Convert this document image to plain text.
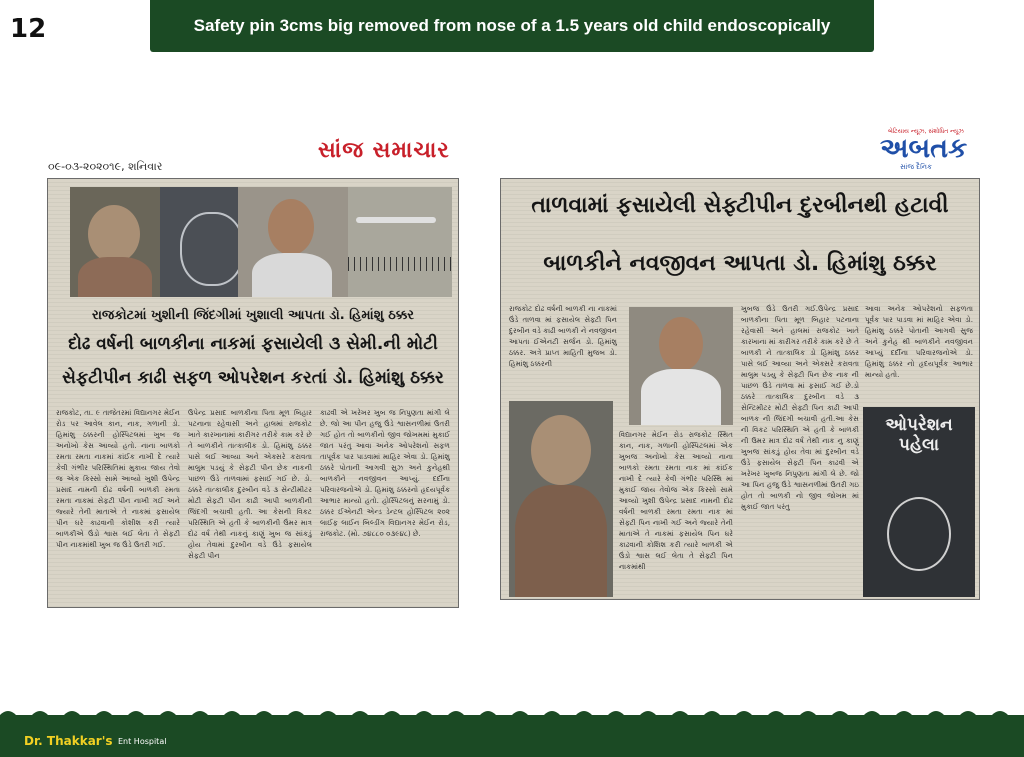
12	Safety pin 3cms big removed from nose of a 1.5 years old child endoscopically
૦૯-૦૩-૨૦૨૦૧૯, શનિવાર
સાંજ સમાચાર
રાજકોટમાં ખુશીની જિંદગીમાં ખુશાલી આપતા ડો. હિમાંશુ ઠક્કર
દોઢ વર્ષની બાળકીના નાકમાં ફસાયેલી ૩ સેમી.ની મોટી
સેફટીપીન કાઢી સફળ ઓપરેશન કરતાં ડો. હિમાંશુ ઠક્કર
રાજકોટ, તા. ૯ તાજેતરમાં વિદ્યાનગર મેઈન રોડ પર આવેલ કાન, નાક, ગળાની ડો. હિમાંશુ ઠક્કરની હોસ્પિટલમાં ખુબ જ અનોખો કેસ આવ્યો હતો. નાના બાળકો રમતા રમતા નાકમાં કાંઈક નાખી દે ત્યારે કેવી ગંભીર પરિસ્થિતિમાં મુકાય જાય તેવો જ એક કિસ્સો સામે આવ્યો ખુશી ઉપેન્દ્ર પ્રસાદ નામની દોઢ વર્ષની બાળકી રમતા રમતા નાકમાં સેફટી પીન નાખી ગઈ અને જ્યારે તેની માતાએ તે નાકમાં ફસાયેલ પીન ઘરે કાઢવાની કોશીશ કરી ત્યારે બાળકીએ ઉંડો શ્વાસ લઈ લેતા તે સેફટી પીન નાકમાંથી ખુબ જ ઉંડે ઉતરી ગઈ.
ઉપેન્દ્ર પ્રસાદ બાળકીના પિતા મૂળ બિહાર પટનાના રહેવાસી અને હાલમાં રાજકોટ ખાતે કારખાનામાં કારીગર તરીકે કામ કરે છે તે બાળકીને તાત્કાલીક ડો. હિમાંશુ ઠક્કર પાસે લઈ આવ્યા અને એક્સરે કરાવતા માલુમ પડયું કે સેફટી પીન છેક નાકની પાછળ ઉંડે તાળવામાં ફસાઈ ગઈ છે. ડો. ઠક્કરે તાત્કાલીક દુરબીન વડે ૩ સેન્ટીમીટર મોટી સેફટી પીન કાઢી આપી બાળકીની જિંદગી બચાવી હતી. આ કેસની વિકટ પરિસ્થિતિ એ હતી કે બાળકીની ઉંમર માત્ર દોઢ વર્ષ તેથી નાકનું કાણું ખુબ જ સાંકડું હોય તેવામાં દુરબીન વડે ઉંડે ફસાયેલ સેફટી પીન
કાઢવી એ ખરેખર ખુબ જ નિપુણતા માંગી લે છે. જો આ પીન હજુ ઉંડે શ્વાસનળીમાં ઉતરી ગઈ હોત તો બાળકીનો જીવ જોખમમાં મુકાઈ જાત પરંતુ આવા અનેક ઓપરેશનો સફળ તાપૂર્વક પાર પાડવામાં માહિર એવા ડો. હિમાંશુ ઠક્કરે પોતાની આગવી સુઝ અને કુનેહથી બાળકીને નવજીવન આપ્યું. દર્દીના પરિવારજનોએ ડો. હિમાંશુ ઠક્કરનો હૃદયપૂર્વક આભાર માન્યો હતો. હોસ્પિટલનું સરનામું ડો. ઠક્કર ઈએનટી એન્ડ ડેન્ટલ હોસ્પિટલ ૨૦૨ લાઈફ લાઈન બિલ્ડીંગ વિદ્યાનગર મેઈન રોડ, રાજકોટ. (મો. ૭૪૮૮૦ ૦૩૯૪૮) છે.
બેટિયાય ન્યૂઝ, સંશોધિત ન્યૂઝ
અબતક
સાંજ દૈનિક
તાળવામાં ફસાયેલી સેફ્ટીપીન દુરબીનથી હટાવી
બાળકીને નવજીવન આપતા ડો. હિમાંશુ ઠક્કર
રાજકોટ દોઢ વર્ષની બાળકી ના નાકમાં ઉંડે તાળવા માં ફસાયેલ સેફ્ટી પિન દુરબીન વડે કાઢી બાળકી ને નવજીવન આપતા ઈએનટી સર્જન ડો. હિમાંશુ ઠક્કર. અત્રે પ્રાપ્ત માહિતી મુજબ ડો. હિમાંશુ ઠક્કરની
વિદ્યાનગર મેઈન રોડ રાજકોટ સ્થિત કાન, નાક, ગળાની હોસ્પિટલમાં એક ખુબજ અનોખો કેસ આવ્યો નાના બાળકો રમતા રમતા નાક માં કાંઈક નાખી દે ત્યારે કેવી ગંભીર પરિસ્થિ માં મુકાઈ જાય તેવોજ એક કિસ્સો સામે આવ્યો ખુશી ઉપેન્દ્ર પ્રસાદ નામની દોઢ વર્ષની બાળકી રમતા રમતા નાક માં સેફ્ટી પિન નાખી ગઈ અને જ્યારે તેની માતાએ તે નાકમાં ફસાયેલ પિન ઘરે કાઢવાની કોશિશ કરી ત્યારે બાળકી એ ઉંડો શ્વાસ લઈ લેતા તે સેફ્ટી પિન નાકમાંથી
ખુબજ ઉંડે ઉતરી ગઈ.ઉપેન્દ્ર પ્રસાદ બાળકીના પિતા મૂળ બિહાર પટનાના રહેવાસી અને હાલમાં રાજકોટ ખાતે કારખાના માં કારીગર તરીકે કામ કરે છે તે બાળકી ને તાત્કાલિક ડો હિમાંશુ ઠક્કર પાસે લઈ આવ્યા અને એક્સરે કરાવતા માલુમ પડયુ કે સેફ્ટી પિન છેક નાક ની પાછળ ઉંડે તાળવા માં ફસાઈ ગઈ છે.ડો ઠક્કરે તાત્કાલિક દુરબીન વડે ૩ સેન્ટિમીટર મોટી સેફ્ટી પિન કાઢી આપી બાળક ની જિંદગી બચાવી હતી.આ કેસ ની વિકટ પરિસ્થિતિ એ હતી કે બાળકી ની ઉમર માત્ર દોઢ વર્ષ તેથી નાક નુ કાણું ખુબજ સાંકડું હોય તેવા માં દુરબીન વડે ઉંડે ફસાયેલ સેફ્ટી પિન કાઢવી એ ખરેખર ખુબજ નિપુણતા માંગી લે છે. જો આ પિન હજુ ઉંડે શ્વાસનળીમાં ઉતરી ગઇ હોત તો બાળકી નો જીવ જોખમ માં મુકાઈ જાત પરંતુ
આવા અનેક ઓપરેશનો સફળતા પૂર્વક પાર પાડવા માં માહિર એવા ડો. હિમાંશુ ઠક્કરે પોતાની આગવી સુજ અને કુનેહ થી બાળકીને નવજીવન આપ્યું દર્દીના પરિવારજનોએ ડો. હિમાંશુ ઠક્કર નો હૃદયપૂર્વક આભાર માન્યો હતો.
ઓપરેશન પહેલા
Dr. Thakkar's Ent Hospital
